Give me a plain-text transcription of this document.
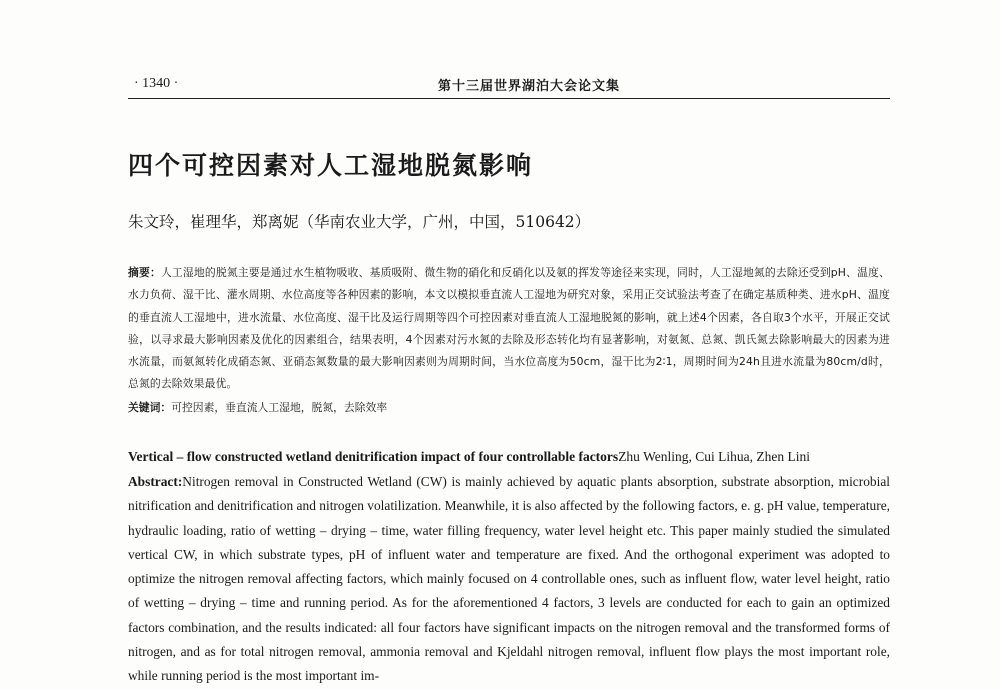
· 1340 ·	第十三届世界湖泊大会论文集
四个可控因素对人工湿地脱氮影响
朱文玲，崔理华，郑离妮（华南农业大学，广州，中国，510642）
摘要：人工湿地的脱氮主要是通过水生植物吸收、基质吸附、微生物的硝化和反硝化以及氨的挥发等途径来实现，同时，人工湿地氮的去除还受到pH、温度、水力负荷、湿干比、灌水周期、水位高度等各种因素的影响，本文以模拟垂直流人工湿地为研究对象，采用正交试验法考查了在确定基质种类、进水pH、温度的垂直流人工湿地中，进水流量、水位高度、湿干比及运行周期等四个可控因素对垂直流人工湿地脱氮的影响，就上述4个因素，各自取3个水平，开展正交试验，以寻求最大影响因素及优化的因素组合，结果表明，4个因素对污水氮的去除及形态转化均有显著影响，对氨氮、总氮、凯氏氮去除影响最大的因素为进水流量，而氨氮转化成硝态氮、亚硝态氮数量的最大影响因素则为周期时间，当水位高度为50cm，湿干比为2∶1，周期时间为24h且进水流量为80cm/d时，总氮的去除效果最优。
关键词：可控因素，垂直流人工湿地，脱氮，去除效率
Vertical – flow constructed wetland denitrification impact of four controllable factorsZhu Wenling, Cui Lihua, Zhen Lini
Abstract:Nitrogen removal in Constructed Wetland (CW) is mainly achieved by aquatic plants absorption, substrate absorption, microbial nitrification and denitrification and nitrogen volatilization. Meanwhile, it is also affected by the following factors, e. g. pH value, temperature, hydraulic loading, ratio of wetting – drying – time, water filling frequency, water level height etc. This paper mainly studied the simulated vertical CW, in which substrate types, pH of influent water and temperature are fixed. And the orthogonal experiment was adopted to optimize the nitrogen removal affecting factors, which mainly focused on 4 controllable ones, such as influent flow, water level height, ratio of wetting – drying – time and running period. As for the aforementioned 4 factors, 3 levels are conducted for each to gain an optimized factors combination, and the results indicated: all four factors have significant impacts on the nitrogen removal and the transformed forms of nitrogen, and as for total nitrogen removal, ammonia removal and Kjeldahl nitrogen removal, influent flow plays the most important role, while running period is the most important im-
